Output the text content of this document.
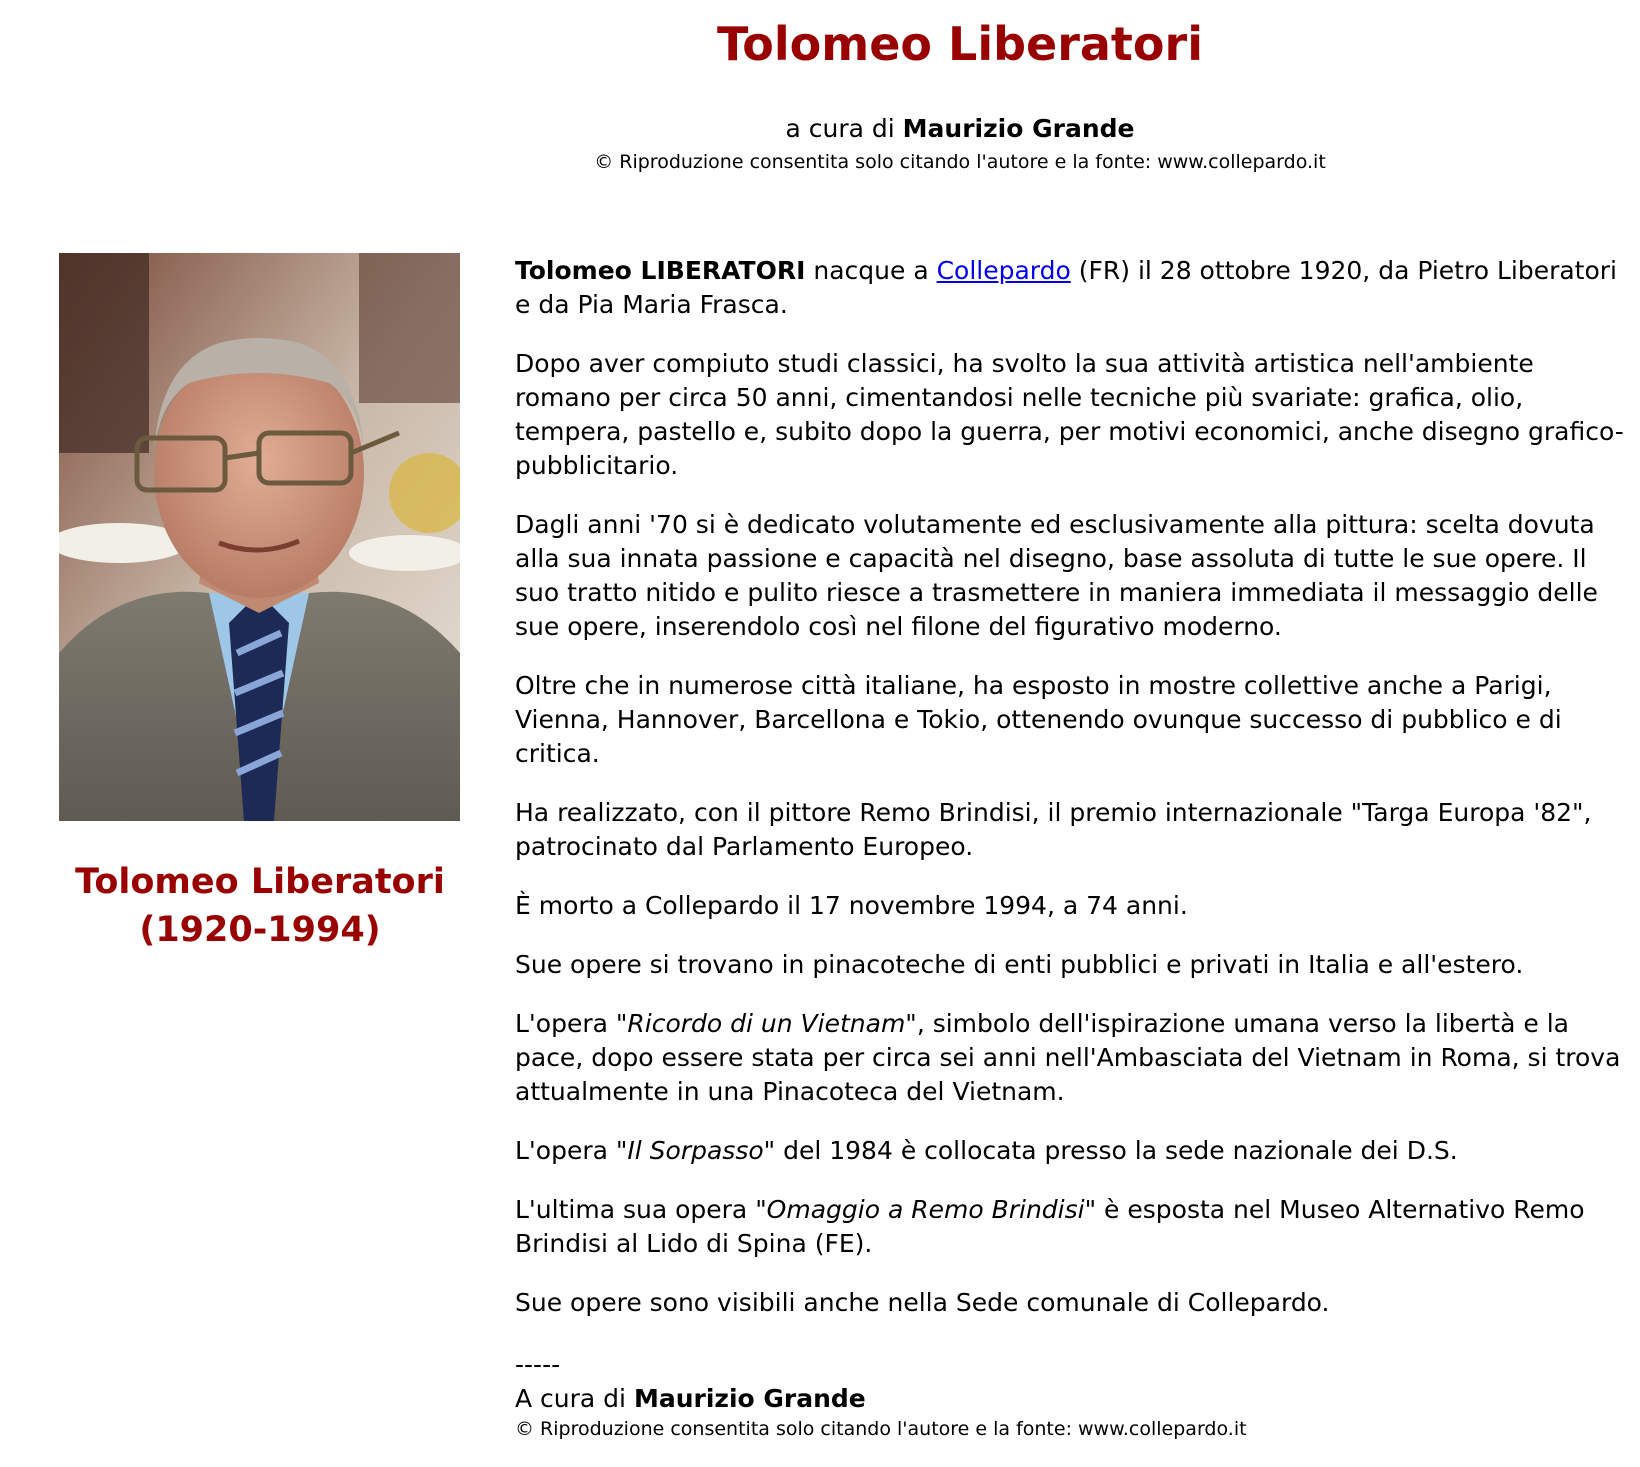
Tolomeo Liberatori
a cura di Maurizio Grande
© Riproduzione consentita solo citando l'autore e la fonte: www.collepardo.it
Tolomeo Liberatori
(1920-1994)

Tolomeo LIBERATORI nacque a Collepardo (FR) il 28 ottobre 1920, da Pietro Liberatori e da Pia Maria Frasca.

Dopo aver compiuto studi classici, ha svolto la sua attività artistica nell'ambiente romano per circa 50 anni, cimentandosi nelle tecniche più svariate: grafica, olio, tempera, pastello e, subito dopo la guerra, per motivi economici, anche disegno grafico-pubblicitario.

Dagli anni '70 si è dedicato volutamente ed esclusivamente alla pittura: scelta dovuta alla sua innata passione e capacità nel disegno, base assoluta di tutte le sue opere. Il suo tratto nitido e pulito riesce a trasmettere in maniera immediata il messaggio delle sue opere, inserendolo così nel filone del figurativo moderno.

Oltre che in numerose città italiane, ha esposto in mostre collettive anche a Parigi, Vienna, Hannover, Barcellona e Tokio, ottenendo ovunque successo di pubblico e di critica.

Ha realizzato, con il pittore Remo Brindisi, il premio internazionale "Targa Europa '82", patrocinato dal Parlamento Europeo.

È morto a Collepardo il 17 novembre 1994, a 74 anni.

Sue opere si trovano in pinacoteche di enti pubblici e privati in Italia e all'estero.

L'opera "Ricordo di un Vietnam", simbolo dell'ispirazione umana verso la libertà e la pace, dopo essere stata per circa sei anni nell'Ambasciata del Vietnam in Roma, si trova attualmente in una Pinacoteca del Vietnam.

L'opera "Il Sorpasso" del 1984 è collocata presso la sede nazionale dei D.S.

L'ultima sua opera "Omaggio a Remo Brindisi" è esposta nel Museo Alternativo Remo Brindisi al Lido di Spina (FE).

Sue opere sono visibili anche nella Sede comunale di Collepardo.

-----
A cura di Maurizio Grande
© Riproduzione consentita solo citando l'autore e la fonte: www.collepardo.it
